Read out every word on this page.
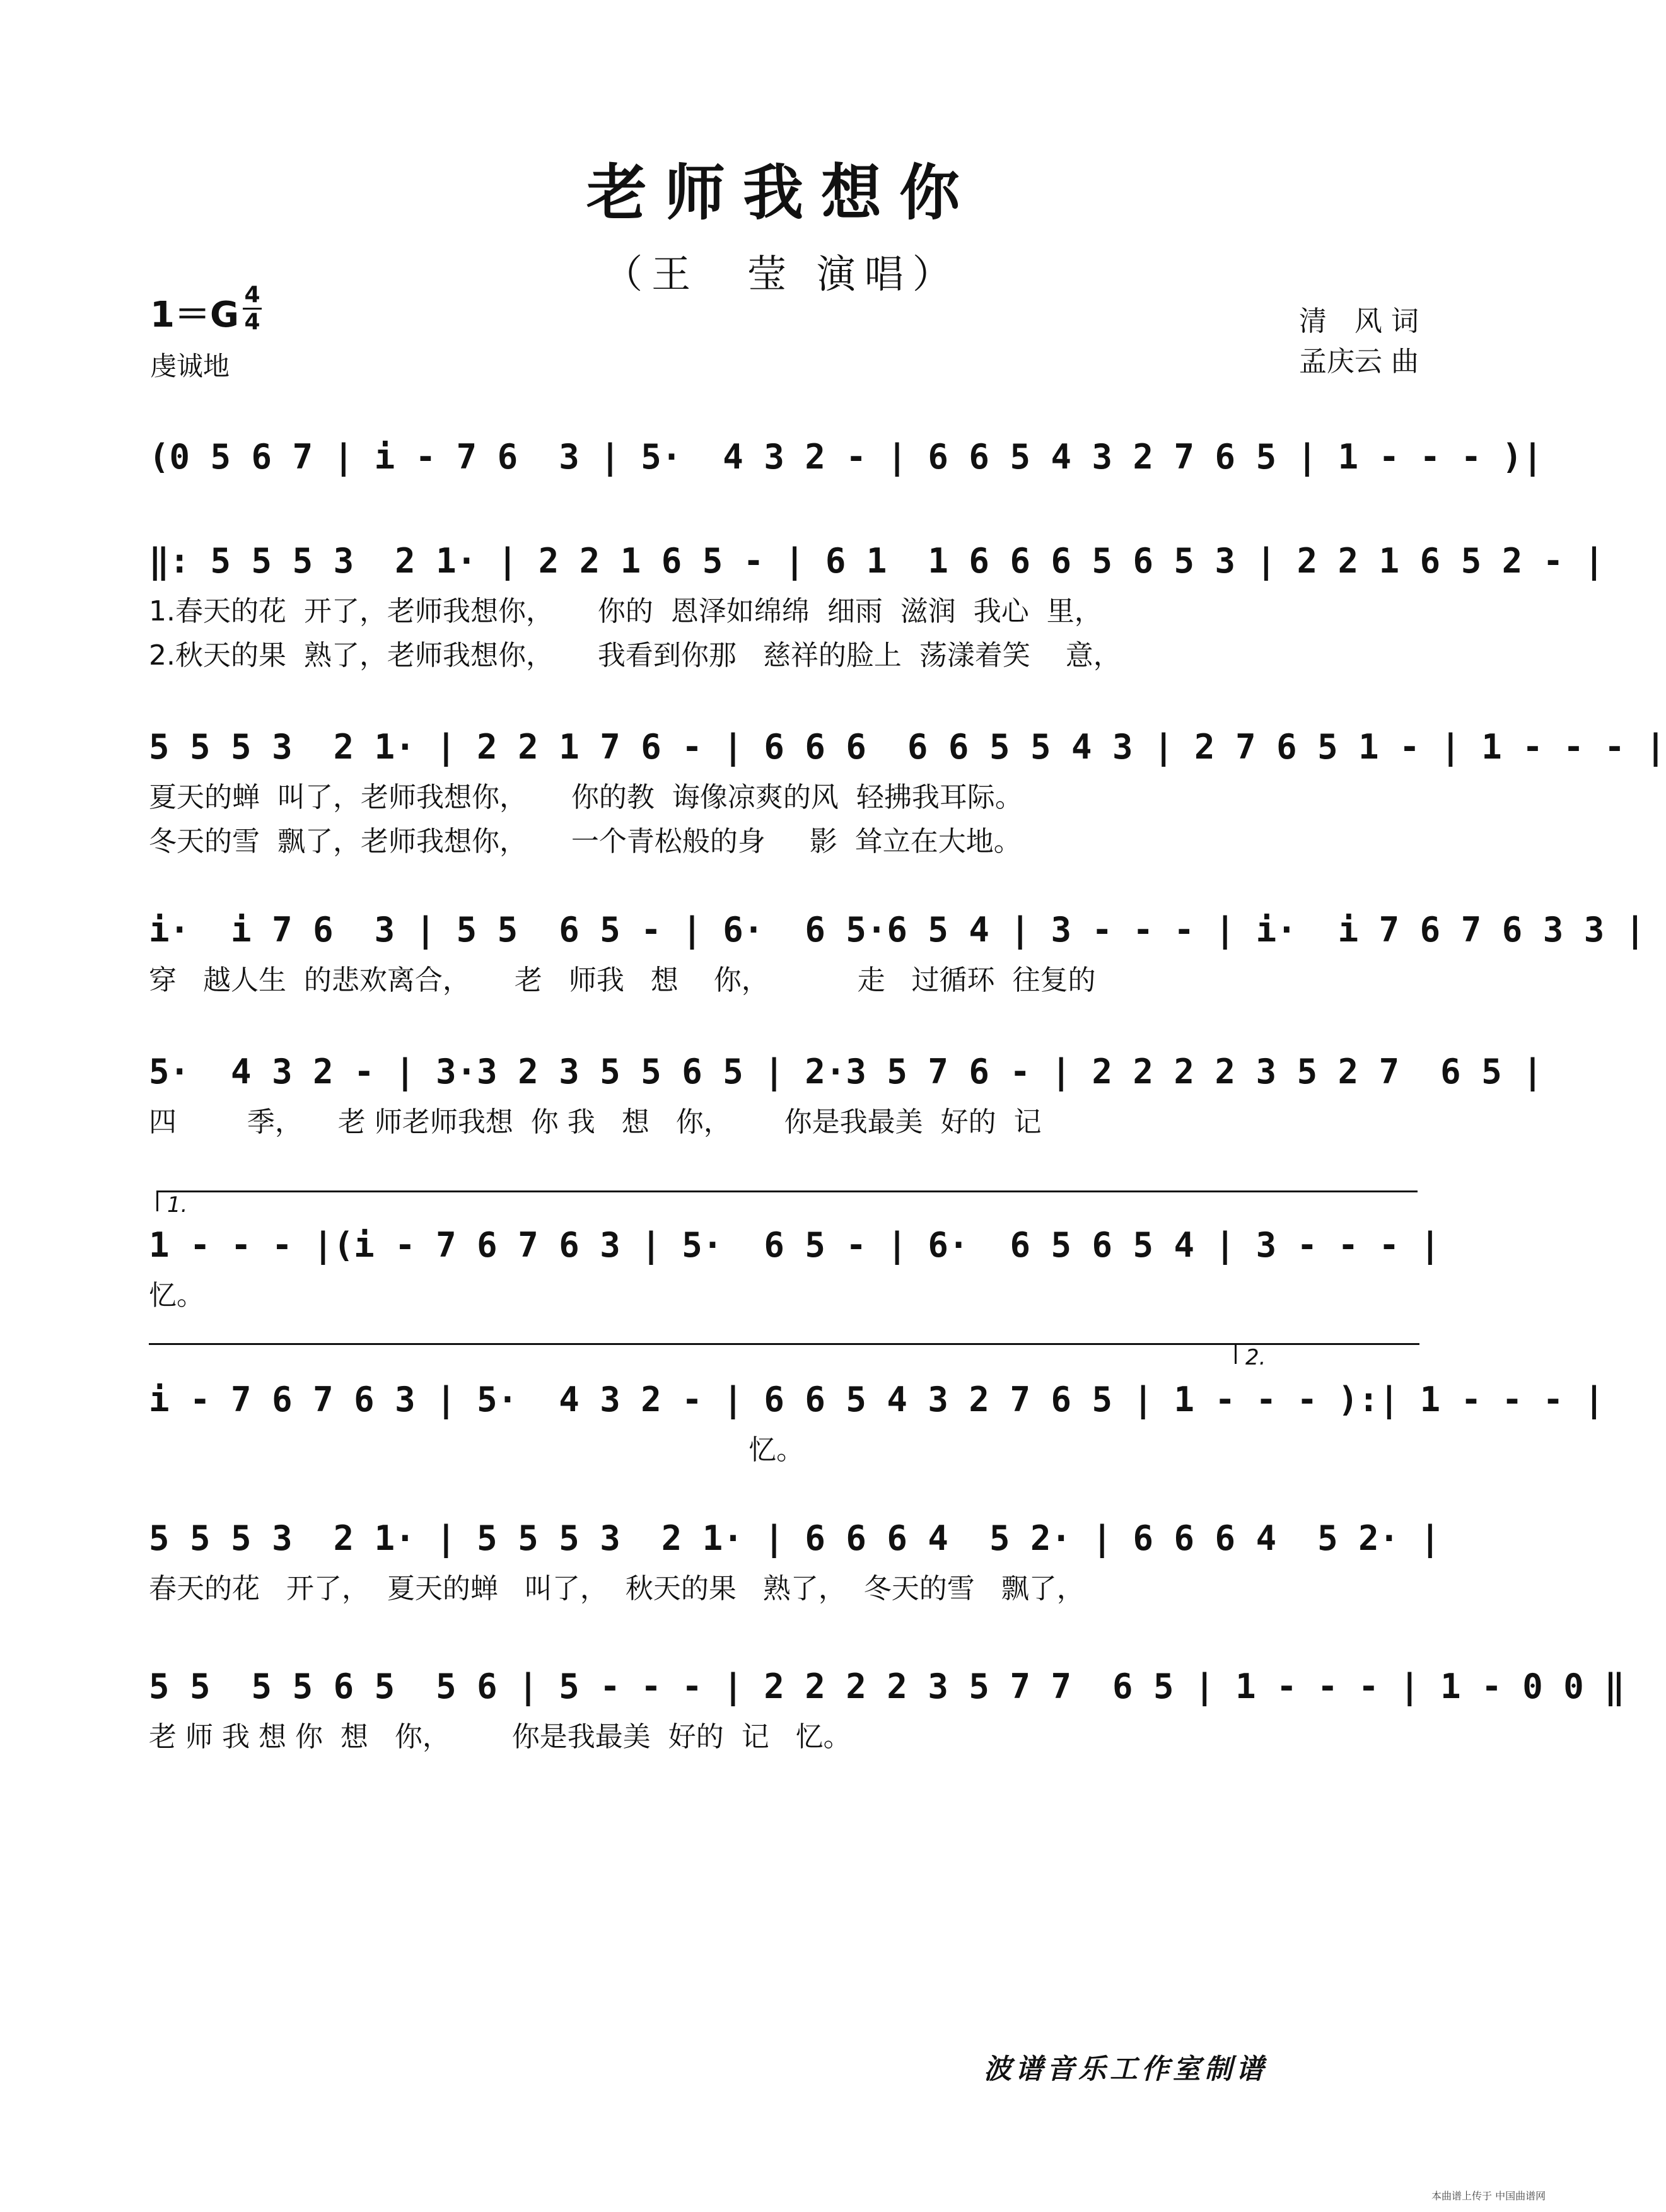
老师我想你
（王　莹 演唱）
1＝G 4
4
虔诚地
清　风 词
孟庆云 曲
(0 5 6 7 | i - 7 6  3 | 5·  4 3 2 - | 6 6 5 4 3 2 7 6 5 | 1 - - - )|
‖: 5 5 5 3  2 1· | 2 2 1 6 5 - | 6 1  1 6 6 6 5 6 5 3 | 2 2 1 6 5 2 - |
1.春天的花  开了，老师我想你，     你的  恩泽如绵绵  细雨  滋润  我心  里，
2.秋天的果  熟了，老师我想你，     我看到你那   慈祥的脸上  荡漾着笑    意，
5 5 5 3  2 1· | 2 2 1 7 6 - | 6 6 6  6 6 5 5 4 3 | 2 7 6 5 1 - | 1 - - - |
夏天的蝉  叫了，老师我想你，     你的教  诲像凉爽的风  轻拂我耳际。
冬天的雪  飘了，老师我想你，     一个青松般的身     影  耸立在大地。
i·  i 7 6  3 | 5 5  6 5 - | 6·  6 5·6 5 4 | 3 - - - | i·  i 7 6 7 6 3 3 |
穿   越人生  的悲欢离合，     老   师我   想    你，          走   过循环  往复的
5·  4 3 2 - | 3·3 2 3 5 5 6 5 | 2·3 5 7 6 - | 2 2 2 2 3 5 2 7  6 5 |
四        季，    老 师老师我想  你 我   想   你，      你是我最美  好的  记
1.
1 - - - |(i - 7 6 7 6 3 | 5·  6 5 - | 6·  6 5 6 5 4 | 3 - - - |
忆。
2.
i - 7 6 7 6 3 | 5·  4 3 2 - | 6 6 5 4 3 2 7 6 5 | 1 - - - ):| 1 - - - |
忆。
5 5 5 3  2 1· | 5 5 5 3  2 1· | 6 6 6 4  5 2· | 6 6 6 4  5 2· |
春天的花   开了，  夏天的蝉   叫了，  秋天的果   熟了，  冬天的雪   飘了，
5 5  5 5 6 5  5 6 | 5 - - - | 2 2 2 2 3 5 7 7  6 5 | 1 - - - | 1 - 0 0 ‖
老 师 我 想 你  想   你，       你是我最美  好的  记   忆。
波谱音乐工作室制谱
本曲谱上传于 中国曲谱网
